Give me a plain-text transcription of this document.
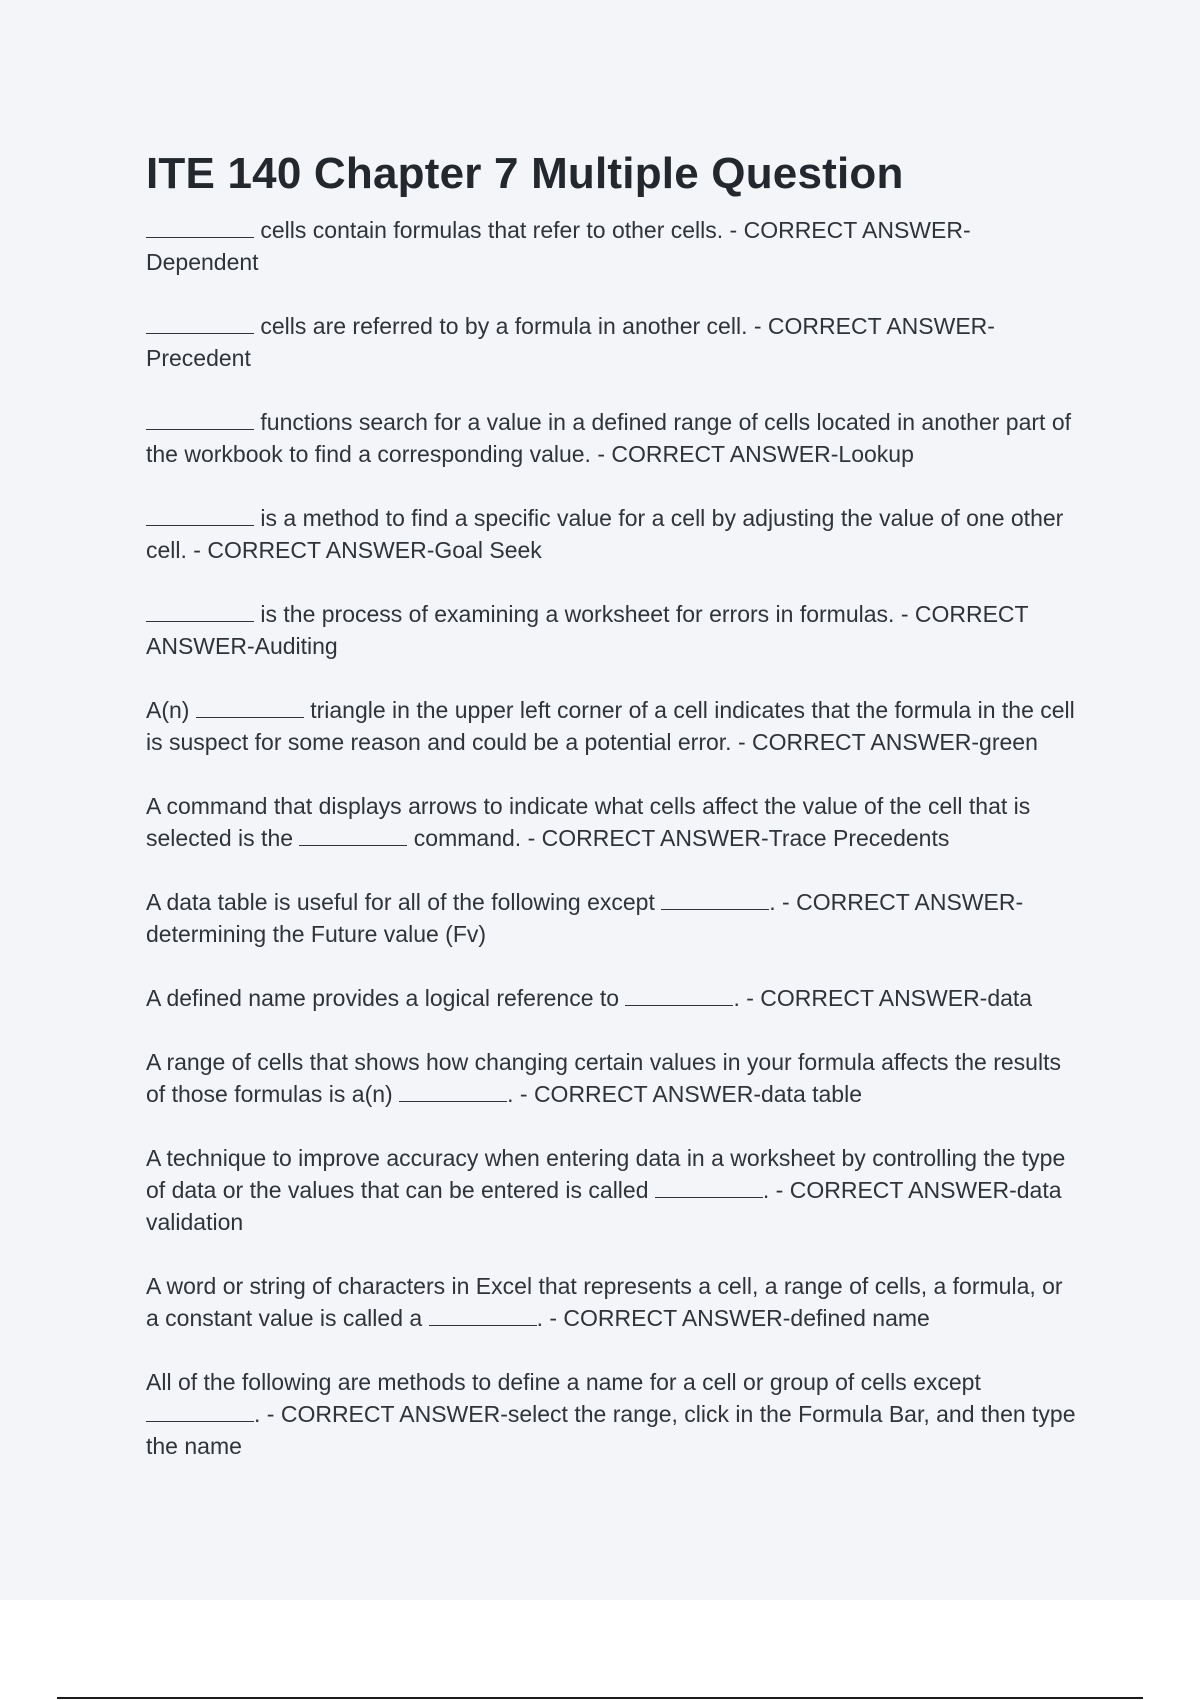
ITE 140 Chapter 7 Multiple Question

cells contain formulas that refer to other cells. - CORRECT ANSWER-Dependent

cells are referred to by a formula in another cell. - CORRECT ANSWER-Precedent

functions search for a value in a defined range of cells located in another part of the workbook to find a corresponding value. - CORRECT ANSWER-Lookup

is a method to find a specific value for a cell by adjusting the value of one other cell. - CORRECT ANSWER-Goal Seek

is the process of examining a worksheet for errors in formulas. - CORRECT ANSWER-Auditing

A(n)	triangle in the upper left corner of a cell indicates that the formula in the cell is suspect for some reason and could be a potential error. - CORRECT ANSWER-green

A command that displays arrows to indicate what cells affect the value of the cell that is selected is the	command. - CORRECT ANSWER-Trace Precedents

A data table is useful for all of the following except	. - CORRECT ANSWER-determining the Future value (Fv)

A defined name provides a logical reference to	. - CORRECT ANSWER-data

A range of cells that shows how changing certain values in your formula affects the results of those formulas is a(n)	. - CORRECT ANSWER-data table

A technique to improve accuracy when entering data in a worksheet by controlling the type of data or the values that can be entered is called	. - CORRECT ANSWER-data validation

A word or string of characters in Excel that represents a cell, a range of cells, a formula, or a constant value is called a	. - CORRECT ANSWER-defined name

All of the following are methods to define a name for a cell or group of cells except . - CORRECT ANSWER-select the range, click in the Formula Bar, and then type the name
